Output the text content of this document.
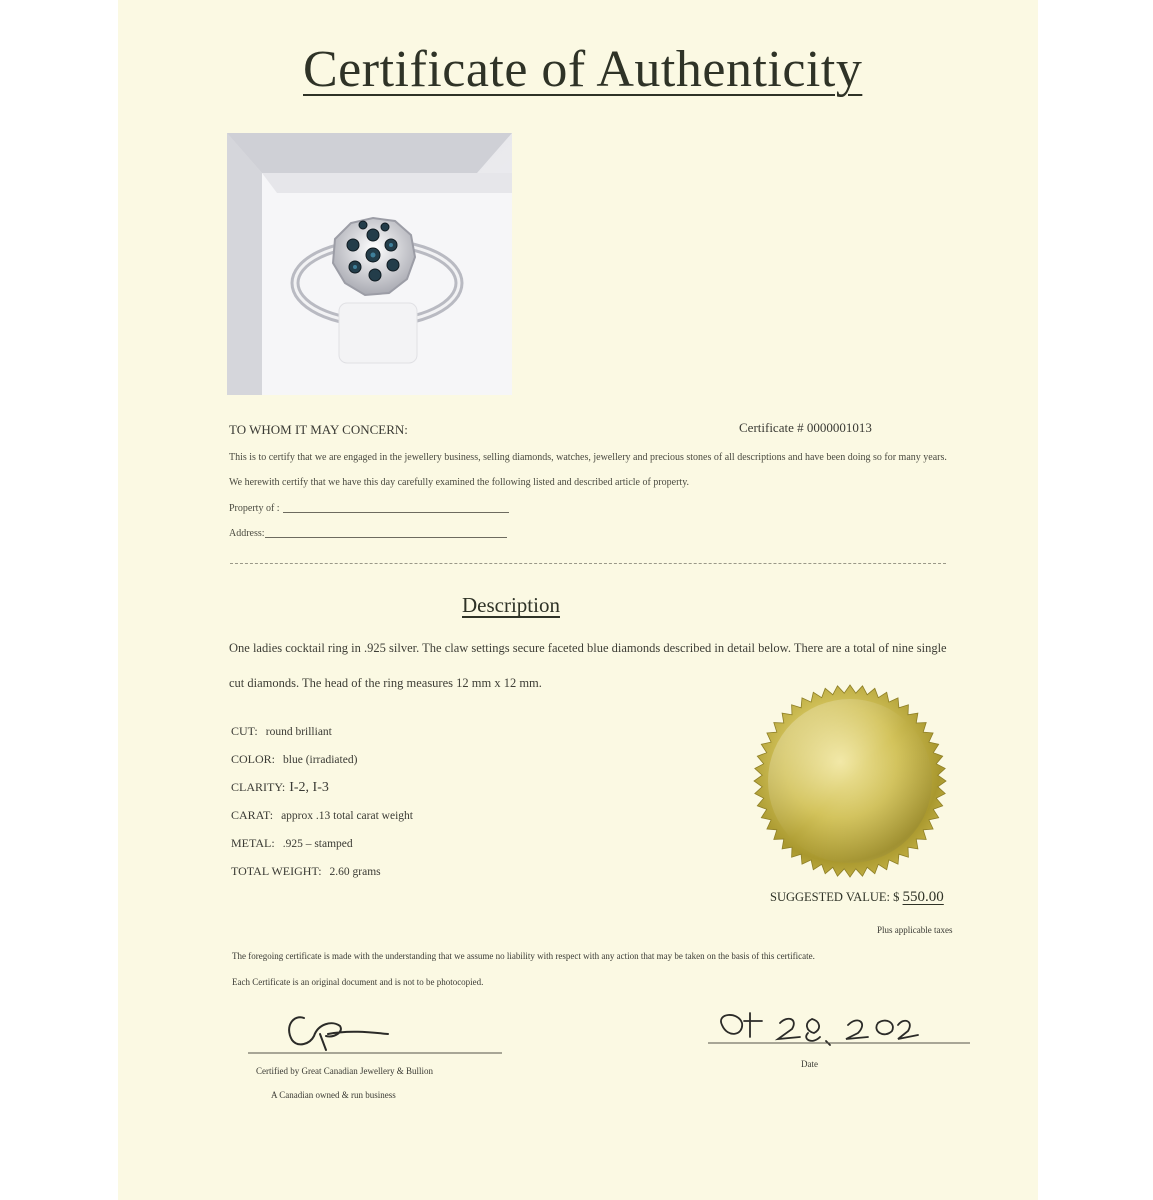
Certificate of Authenticity
TO WHOM IT MAY CONCERN:	Certificate # 0000001013
This is to certify that we are engaged in the jewellery business, selling diamonds, watches, jewellery and precious stones of all descriptions and have been doing so for many years.
We herewith certify that we have this day carefully examined the following listed and described article of property.
Property of :
Address:
Description
One ladies cocktail ring in .925 silver. The claw settings secure faceted blue diamonds described in detail below. There are a total of nine single
cut diamonds. The head of the ring measures 12 mm x 12 mm.
CUT: round brilliant
COLOR: blue (irradiated)
CLARITY: I-2, I-3
CARAT: approx .13 total carat weight
METAL: .925 – stamped
TOTAL WEIGHT: 2.60 grams
SUGGESTED VALUE: $ 550.00
Plus applicable taxes
The foregoing certificate is made with the understanding that we assume no liability with respect with any action that may be taken on the basis of this certificate.
Each Certificate is an original document and is not to be photocopied.
Certified by Great Canadian Jewellery & Bullion
A Canadian owned & run business
Date
